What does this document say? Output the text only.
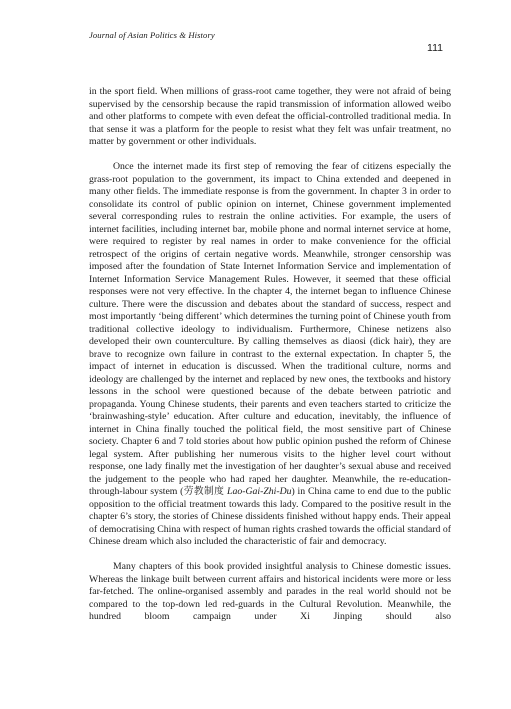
Journal of Asian Politics & History
111

in the sport field. When millions of grass-root came together, they were not afraid of being supervised by the censorship because the rapid transmission of information allowed weibo and other platforms to compete with even defeat the official-controlled traditional media. In that sense it was a platform for the people to resist what they felt was unfair treatment, no matter by government or other individuals.

Once the internet made its first step of removing the fear of citizens especially the grass-root population to the government, its impact to China extended and deepened in many other fields. The immediate response is from the government. In chapter 3 in order to consolidate its control of public opinion on internet, Chinese government implemented several corresponding rules to restrain the online activities. For example, the users of internet facilities, including internet bar, mobile phone and normal internet service at home, were required to register by real names in order to make convenience for the official retrospect of the origins of certain negative words. Meanwhile, stronger censorship was imposed after the foundation of State Internet Information Service and implementation of Internet Information Service Management Rules. However, it seemed that these official responses were not very effective. In the chapter 4, the internet began to influence Chinese culture. There were the discussion and debates about the standard of success, respect and most importantly ‘being different’ which determines the turning point of Chinese youth from traditional collective ideology to individualism. Furthermore, Chinese netizens also developed their own counterculture. By calling themselves as diaosi (dick hair), they are brave to recognize own failure in contrast to the external expectation. In chapter 5, the impact of internet in education is discussed. When the traditional culture, norms and ideology are challenged by the internet and replaced by new ones, the textbooks and history lessons in the school were questioned because of the debate between patriotic and propaganda. Young Chinese students, their parents and even teachers started to criticize the ‘brainwashing-style’ education. After culture and education, inevitably, the influence of internet in China finally touched the political field, the most sensitive part of Chinese society. Chapter 6 and 7 told stories about how public opinion pushed the reform of Chinese legal system. After publishing her numerous visits to the higher level court without response, one lady finally met the investigation of her daughter’s sexual abuse and received the judgement to the people who had raped her daughter. Meanwhile, the re-education-through-labour system (劳教制度 Lao-Gai-Zhi-Du) in China came to end due to the public opposition to the official treatment towards this lady. Compared to the positive result in the chapter 6’s story, the stories of Chinese dissidents finished without happy ends. Their appeal of democratising China with respect of human rights crashed towards the official standard of Chinese dream which also included the characteristic of fair and democracy.

Many chapters of this book provided insightful analysis to Chinese domestic issues. Whereas the linkage built between current affairs and historical incidents were more or less far-fetched. The online-organised assembly and parades in the real world should not be compared to the top-down led red-guards in the Cultural Revolution. Meanwhile, the hundred bloom campaign under Xi Jinping should also
